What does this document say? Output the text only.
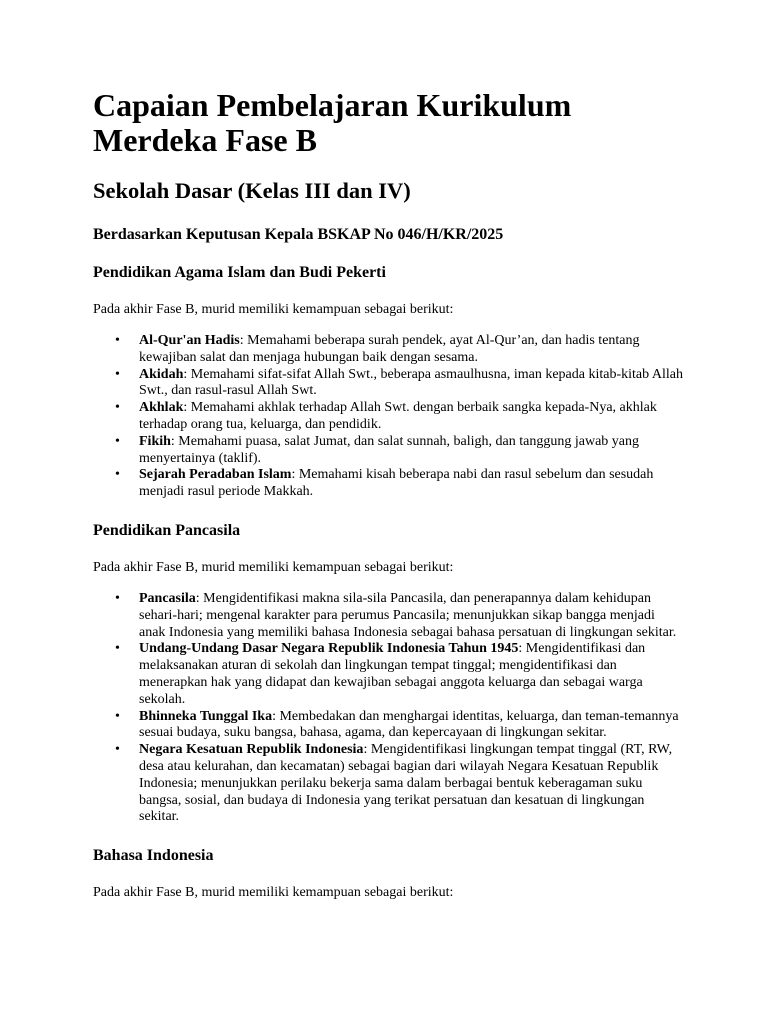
Capaian Pembelajaran Kurikulum Merdeka Fase B
Sekolah Dasar (Kelas III dan IV)
Berdasarkan Keputusan Kepala BSKAP No 046/H/KR/2025
Pendidikan Agama Islam dan Budi Pekerti

Pada akhir Fase B, murid memiliki kemampuan sebagai berikut:

• Al-Qur'an Hadis: Memahami beberapa surah pendek, ayat Al-Qur’an, dan hadis tentang kewajiban salat dan menjaga hubungan baik dengan sesama.
• Akidah: Memahami sifat-sifat Allah Swt., beberapa asmaulhusna, iman kepada kitab-kitab Allah Swt., dan rasul-rasul Allah Swt.
• Akhlak: Memahami akhlak terhadap Allah Swt. dengan berbaik sangka kepada-Nya, akhlak terhadap orang tua, keluarga, dan pendidik.
• Fikih: Memahami puasa, salat Jumat, dan salat sunnah, baligh, dan tanggung jawab yang menyertainya (taklif).
• Sejarah Peradaban Islam: Memahami kisah beberapa nabi dan rasul sebelum dan sesudah menjadi rasul periode Makkah.
Pendidikan Pancasila

Pada akhir Fase B, murid memiliki kemampuan sebagai berikut:

• Pancasila: Mengidentifikasi makna sila-sila Pancasila, dan penerapannya dalam kehidupan sehari-hari; mengenal karakter para perumus Pancasila; menunjukkan sikap bangga menjadi anak Indonesia yang memiliki bahasa Indonesia sebagai bahasa persatuan di lingkungan sekitar.
• Undang-Undang Dasar Negara Republik Indonesia Tahun 1945: Mengidentifikasi dan melaksanakan aturan di sekolah dan lingkungan tempat tinggal; mengidentifikasi dan menerapkan hak yang didapat dan kewajiban sebagai anggota keluarga dan sebagai warga sekolah.
• Bhinneka Tunggal Ika: Membedakan dan menghargai identitas, keluarga, dan teman-temannya sesuai budaya, suku bangsa, bahasa, agama, dan kepercayaan di lingkungan sekitar.
• Negara Kesatuan Republik Indonesia: Mengidentifikasi lingkungan tempat tinggal (RT, RW, desa atau kelurahan, dan kecamatan) sebagai bagian dari wilayah Negara Kesatuan Republik Indonesia; menunjukkan perilaku bekerja sama dalam berbagai bentuk keberagaman suku bangsa, sosial, dan budaya di Indonesia yang terikat persatuan dan kesatuan di lingkungan sekitar.
Bahasa Indonesia

Pada akhir Fase B, murid memiliki kemampuan sebagai berikut:
